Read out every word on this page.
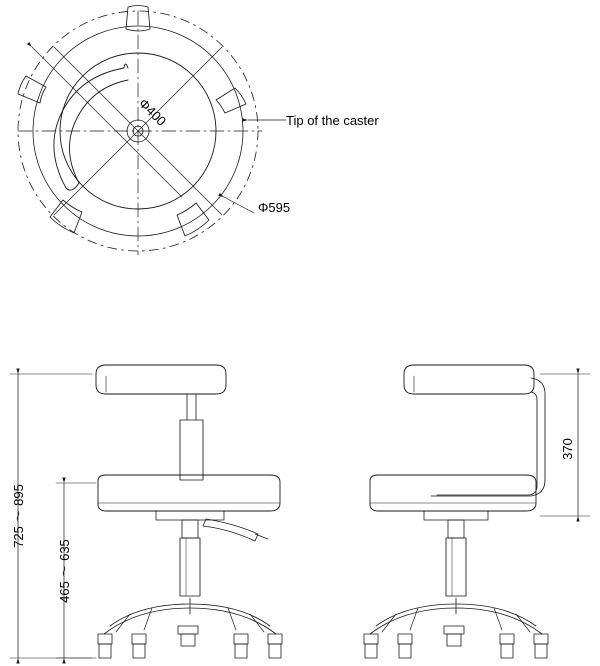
Tip of the caster
Φ595
Φ400
725 ～ 895
465 ～ 635
370
